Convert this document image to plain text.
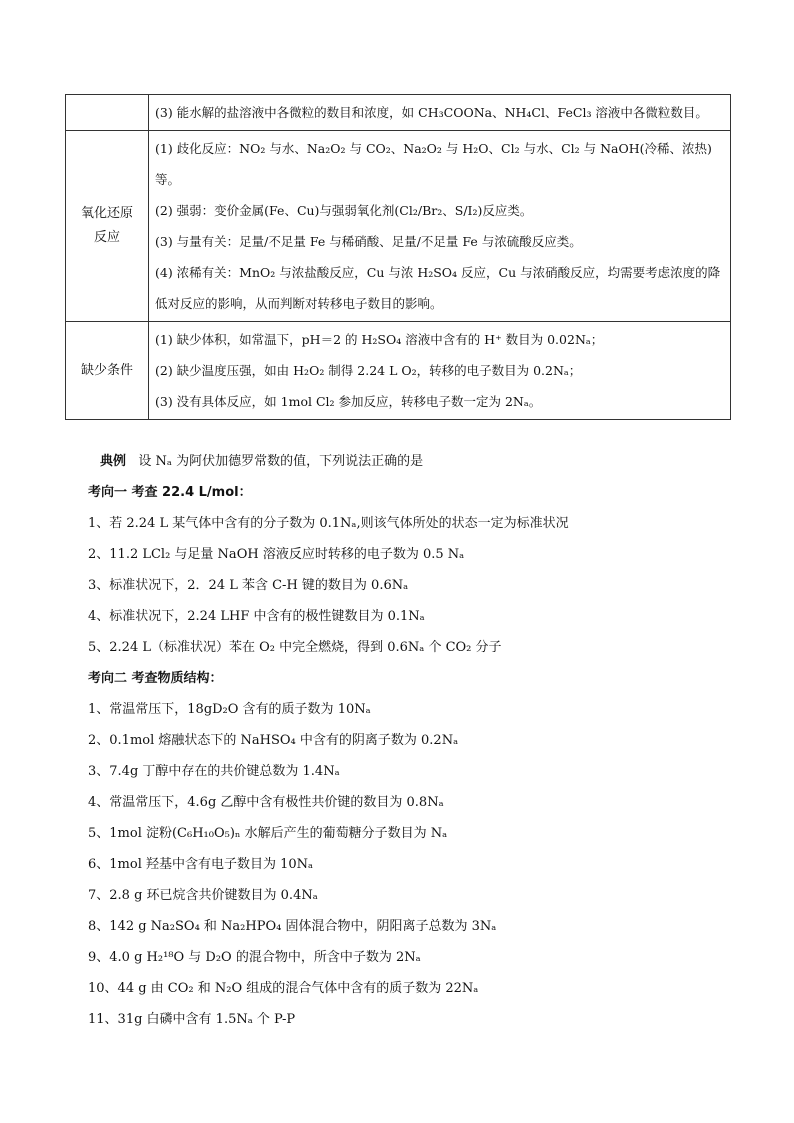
	(3) 能水解的盐溶液中各微粒的数目和浓度，如 CH₃COONa、NH₄Cl、FeCl₃ 溶液中各微粒数目。

氧化还原反应	(1) 歧化反应：NO₂ 与水、Na₂O₂ 与 CO₂、Na₂O₂ 与 H₂O、Cl₂ 与水、Cl₂ 与 NaOH(冷稀、浓热)等。
(2) 强弱：变价金属(Fe、Cu)与强弱氧化剂(Cl₂/Br₂、S/I₂)反应类。
(3) 与量有关：足量/不足量 Fe 与稀硝酸、足量/不足量 Fe 与浓硫酸反应类。
(4) 浓稀有关：MnO₂ 与浓盐酸反应，Cu 与浓 H₂SO₄ 反应，Cu 与浓硝酸反应，均需要考虑浓度的降低对反应的影响，从而判断对转移电子数目的影响。

缺少条件	(1) 缺少体积，如常温下，pH＝2 的 H₂SO₄ 溶液中含有的 H⁺ 数目为 0.02Nₐ；
(2) 缺少温度压强，如由 H₂O₂ 制得 2.24 L O₂，转移的电子数目为 0.2Nₐ；
(3) 没有具体反应，如 1mol Cl₂ 参加反应，转移电子数一定为 2Nₐ。
典例 设 Nₐ 为阿伏加德罗常数的值，下列说法正确的是
考向一 考查 22.4 L/mol：
1、若 2.24 L 某气体中含有的分子数为 0.1Nₐ,则该气体所处的状态一定为标准状况
2、11.2 LCl₂ 与足量 NaOH 溶液反应时转移的电子数为 0.5 Nₐ
3、标准状况下，2．24 L 苯含 C-H 键的数目为 0.6Nₐ
4、标准状况下，2.24 LHF 中含有的极性键数目为 0.1Nₐ
5、2.24 L（标准状况）苯在 O₂ 中完全燃烧，得到 0.6Nₐ 个 CO₂ 分子
考向二 考查物质结构：
1、常温常压下，18gD₂O 含有的质子数为 10Nₐ
2、0.1mol 熔融状态下的 NaHSO₄ 中含有的阴离子数为 0.2Nₐ
3、7.4g 丁醇中存在的共价键总数为 1.4Nₐ
4、常温常压下，4.6g 乙醇中含有极性共价键的数目为 0.8Nₐ
5、1mol 淀粉(C₆H₁₀O₅)ₙ 水解后产生的葡萄糖分子数目为 Nₐ
6、1mol 羟基中含有电子数目为 10Nₐ
7、2.8 g 环已烷含共价键数目为 0.4Nₐ
8、142 g Na₂SO₄ 和 Na₂HPO₄ 固体混合物中，阴阳离子总数为 3Nₐ
9、4.0 g H₂¹⁸O 与 D₂O 的混合物中，所含中子数为 2Nₐ
10、44 g 由 CO₂ 和 N₂O 组成的混合气体中含有的质子数为 22Nₐ
11、31g 白磷中含有 1.5Nₐ 个 P-P
